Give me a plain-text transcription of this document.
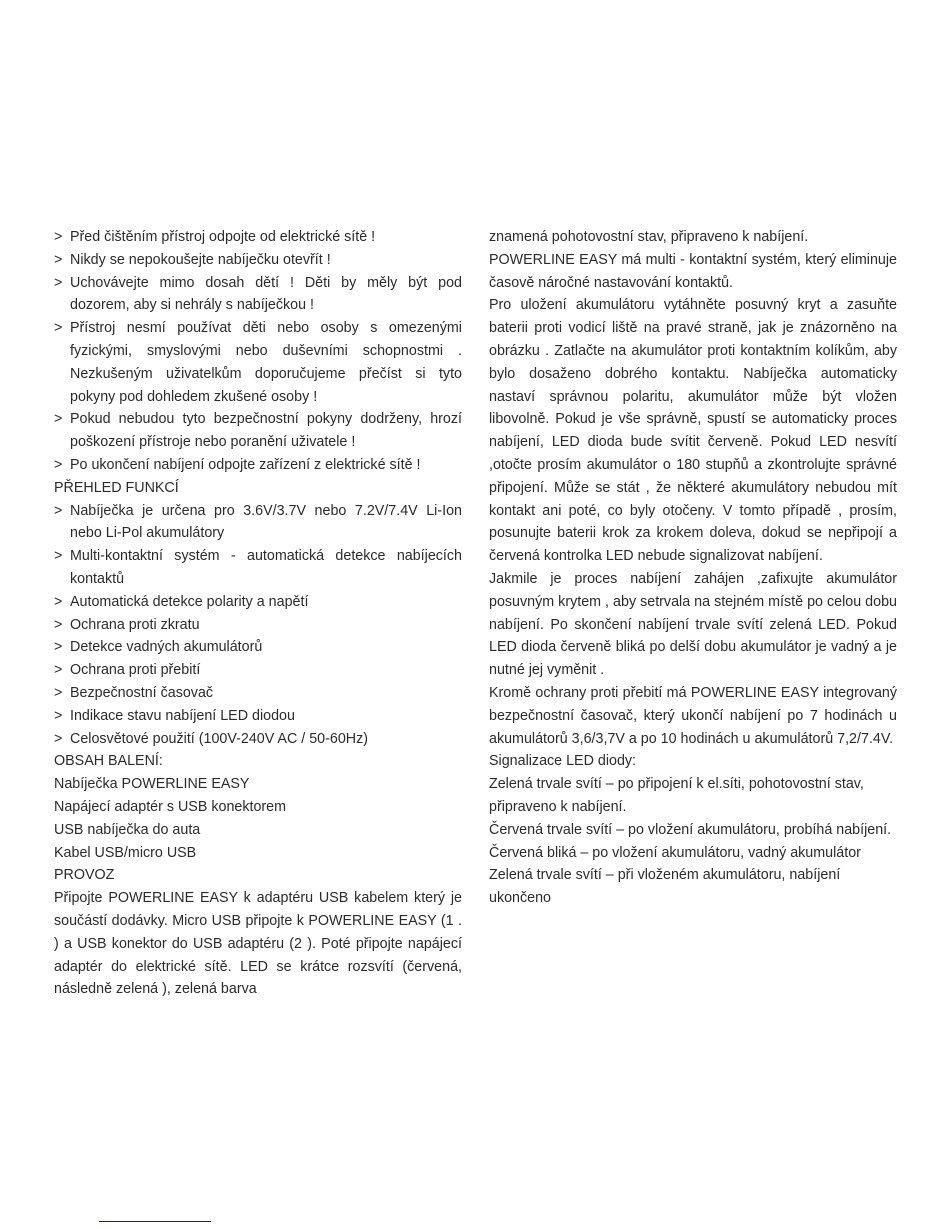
> Před čištěním přístroj odpojte od elektrické sítě !
> Nikdy se nepokoušejte nabíječku otevřít !
> Uchovávejte mimo dosah dětí ! Děti by měly být pod dozorem, aby si nehrály s nabíječkou !
> Přístroj nesmí používat děti nebo osoby s omezenými fyzickými, smyslovými nebo duševními schopnostmi . Nezkušeným uživatelkům doporučujeme přečíst si tyto pokyny pod dohledem zkušené osoby !
> Pokud nebudou tyto bezpečnostní pokyny dodrženy, hrozí poškození přístroje nebo poranění uživatele !
> Po ukončení nabíjení odpojte zařízení z elektrické sítě !

PŘEHLED FUNKCÍ

> Nabíječka je určena pro 3.6V/3.7V nebo 7.2V/7.4V Li-Ion nebo Li-Pol akumulátory
> Multi-kontaktní systém - automatická detekce nabíjecích kontaktů
> Automatická detekce polarity a napětí
> Ochrana proti zkratu
> Detekce vadných akumulátorů
> Ochrana proti přebití
> Bezpečnostní časovač
> Indikace stavu nabíjení LED diodou
> Celosvětové použití (100V-240V AC / 50-60Hz)

OBSAH BALENÍ:

Nabíječka POWERLINE EASY

Napájecí adaptér s USB konektorem

USB nabíječka do auta

Kabel USB/micro USB

PROVOZ

Připojte POWERLINE EASY k adaptéru USB kabelem který je součástí dodávky. Micro USB připojte k POWERLINE EASY (1 . ) a USB konektor do USB adaptéru (2 ). Poté připojte napájecí adaptér do elektrické sítě. LED se krátce rozsvítí (červená, následně zelená ), zelená barva

znamená pohotovostní stav, připraveno k nabíjení.

POWERLINE EASY má multi - kontaktní systém, který eliminuje časově náročné nastavování kontaktů.

Pro uložení akumulátoru vytáhněte posuvný kryt a zasuňte baterii proti vodicí liště na pravé straně, jak je znázorněno na obrázku . Zatlačte na akumulátor proti kontaktním kolíkům, aby bylo dosaženo dobrého kontaktu. Nabíječka automaticky nastaví správnou polaritu, akumulátor může být vložen libovolně. Pokud je vše správně, spustí se automaticky proces nabíjení, LED dioda bude svítit červeně. Pokud LED nesvítí ,otočte prosím akumulátor o 180 stupňů a zkontrolujte správné připojení. Může se stát , že některé akumulátory nebudou mít kontakt ani poté, co byly otočeny. V tomto případě , prosím, posunujte baterii krok za krokem doleva, dokud se nepřipojí a červená kontrolka LED nebude signalizovat nabíjení.

Jakmile je proces nabíjení zahájen ,zafixujte akumulátor posuvným krytem , aby setrvala na stejném místě po celou dobu nabíjení. Po skončení nabíjení trvale svítí zelená LED. Pokud LED dioda červeně bliká po delší dobu akumulátor je vadný a je nutné jej vyměnit .

Kromě ochrany proti přebití má POWERLINE EASY integrovaný bezpečnostní časovač, který ukončí nabíjení po 7 hodinách u akumulátorů 3,6/3,7V a po 10 hodinách u akumulátorů 7,2/7.4V.

Signalizace LED diody:

Zelená trvale svítí – po připojení k el.síti, pohotovostní stav, připraveno k nabíjení.

Červená trvale svítí – po vložení akumulátoru, probíhá nabíjení.

Červená bliká – po vložení akumulátoru, vadný akumulátor

Zelená trvale svítí – při vloženém akumulátoru, nabíjení ukončeno
